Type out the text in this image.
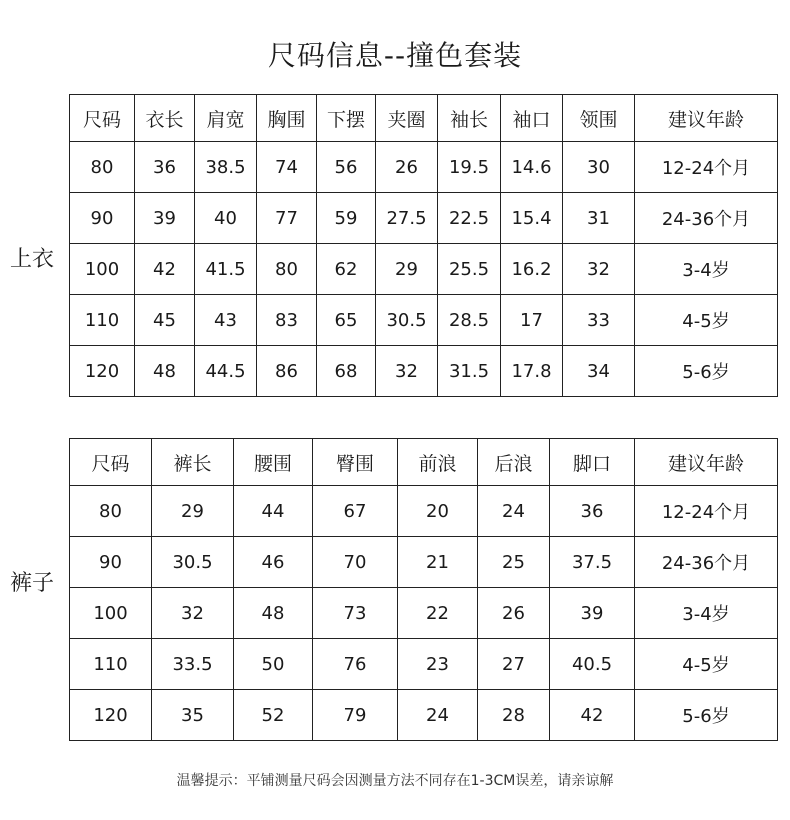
尺码信息--撞色套装
上衣
裤子
尺码	衣长	肩宽	胸围	下摆	夹圈	袖长	袖口	领围	建议年龄
80	36	38.5	74	56	26	19.5	14.6	30	12-24个月
90	39	40	77	59	27.5	22.5	15.4	31	24-36个月
100	42	41.5	80	62	29	25.5	16.2	32	3-4岁
110	45	43	83	65	30.5	28.5	17	33	4-5岁
120	48	44.5	86	68	32	31.5	17.8	34	5-6岁
尺码	裤长	腰围	臀围	前浪	后浪	脚口	建议年龄
80	29	44	67	20	24	36	12-24个月
90	30.5	46	70	21	25	37.5	24-36个月
100	32	48	73	22	26	39	3-4岁
110	33.5	50	76	23	27	40.5	4-5岁
120	35	52	79	24	28	42	5-6岁
温馨提示：平铺测量尺码会因测量方法不同存在1-3CM误差，请亲谅解
